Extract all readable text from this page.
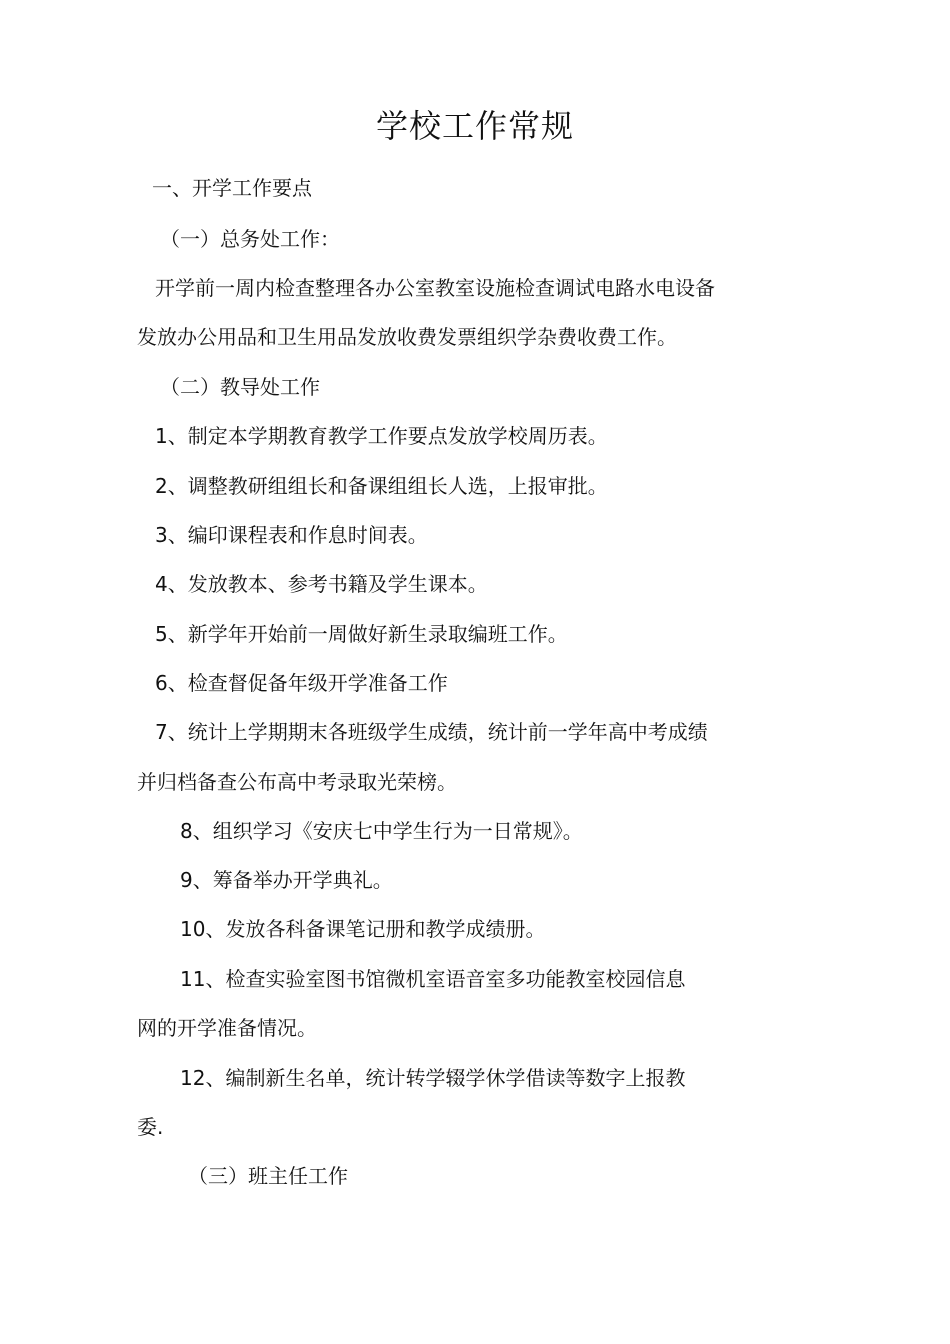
学校工作常规
一、开学工作要点
（一）总务处工作：
开学前一周内检查整理各办公室教室设施检查调试电路水电设备
发放办公用品和卫生用品发放收费发票组织学杂费收费工作。
（二）教导处工作
1、制定本学期教育教学工作要点发放学校周历表。
2、调整教研组组长和备课组组长人选，上报审批。
3、编印课程表和作息时间表。
4、发放教本、参考书籍及学生课本。
5、新学年开始前一周做好新生录取编班工作。
6、检查督促备年级开学准备工作
7、统计上学期期末各班级学生成绩，统计前一学年高中考成绩
并归档备查公布高中考录取光荣榜。
8、组织学习《安庆七中学生行为一日常规》。
9、筹备举办开学典礼。
10、发放各科备课笔记册和教学成绩册。
11、检查实验室图书馆微机室语音室多功能教室校园信息
网的开学准备情况。
12、编制新生名单，统计转学辍学休学借读等数字上报教
委.
（三）班主任工作
